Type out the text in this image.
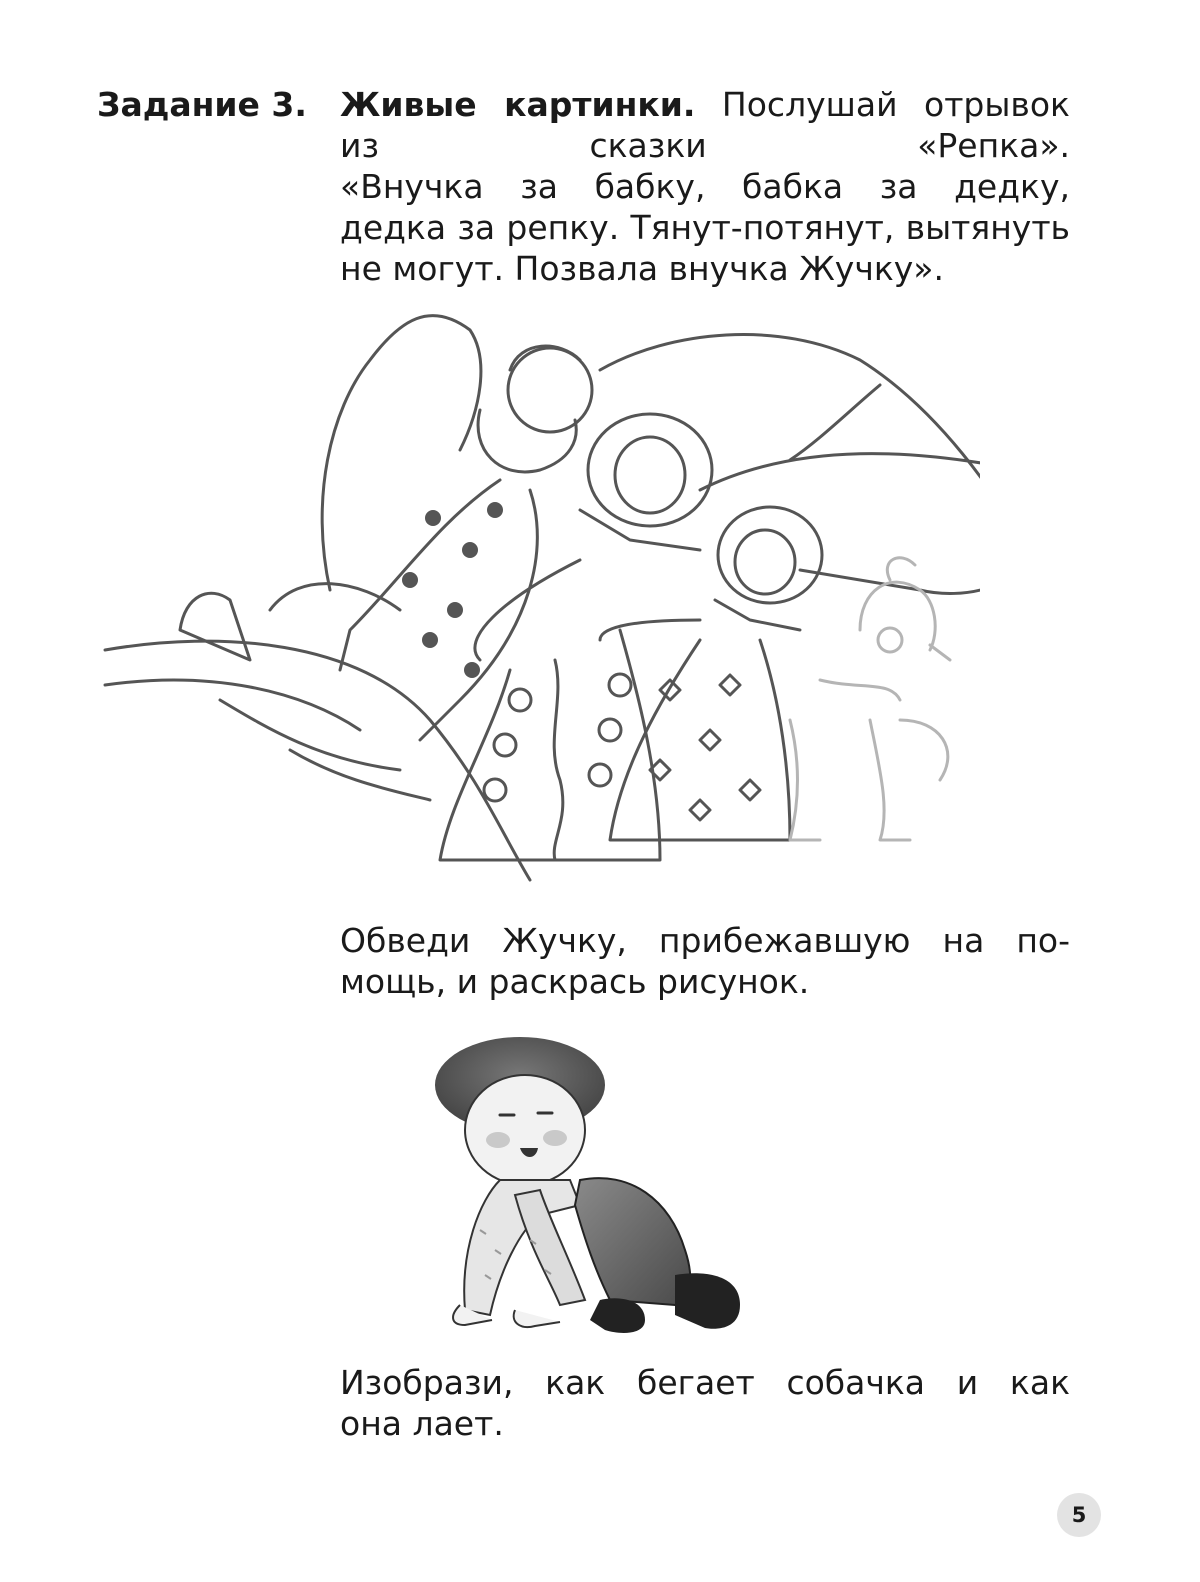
Задание 3. Живые картинки. Послушай отрывок
из сказки «Репка».
«Внучка за бабку, бабка за дедку,
дедка за репку. Тянут-потянут, вытянуть
не могут. Позвала внучка Жучку».
Обведи Жучку, прибежавшую на по-
мощь, и раскрась рисунок.
Изобрази, как бегает собачка и как
она лает.
5
